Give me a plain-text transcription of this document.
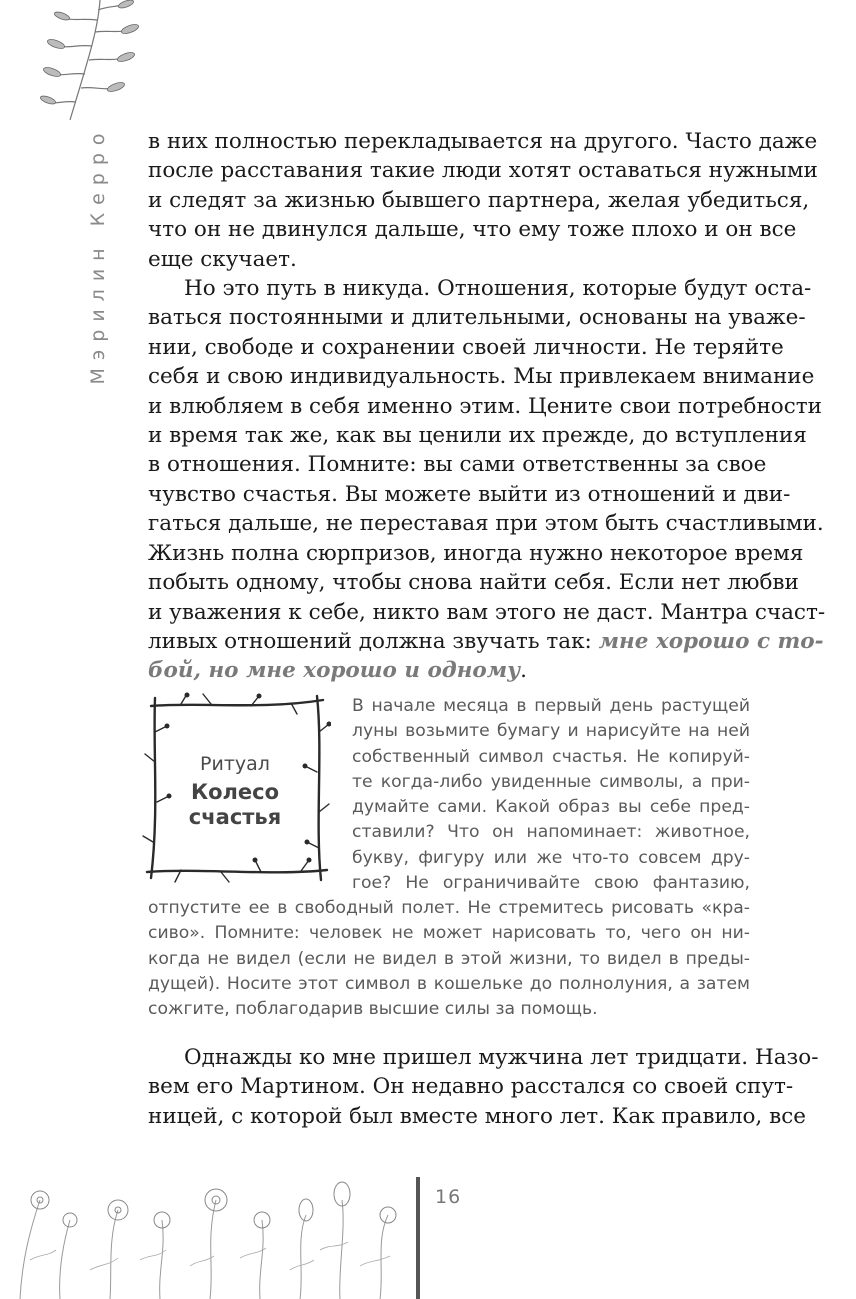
Мэрилин Керро в них полностью перекладывается на другого. Часто даже
после расставания такие люди хотят оставаться нужными
и следят за жизнью бывшего партнера, желая убедиться,
что он не двинулся дальше, что ему тоже плохо и он все
еще скучает.
Но это путь в никуда. Отношения, которые будут оста-
ваться постоянными и длительными, основаны на уваже-
нии, свободе и сохранении своей личности. Не теряйте
себя и свою индивидуальность. Мы привлекаем внимание
и влюбляем в себя именно этим. Цените свои потребности
и время так же, как вы ценили их прежде, до вступления
в отношения. Помните: вы сами ответственны за свое
чувство счастья. Вы можете выйти из отношений и дви-
гаться дальше, не переставая при этом быть счастливыми.
Жизнь полна сюрпризов, иногда нужно некоторое время
побыть одному, чтобы снова найти себя. Если нет любви
и уважения к себе, никто вам этого не даст. Мантра счаст-
ливых отношений должна звучать так: мне хорошо с то-
бой, но мне хорошо и одному.
Ритуал
Колесо
счастья
В начале месяца в первый день растущей
луны возьмите бумагу и нарисуйте на ней
собственный символ счастья. Не копируй-
те когда-либо увиденные символы, а при-
думайте сами. Какой образ вы себе пред-
ставили? Что он напоминает: животное,
букву, фигуру или же что-то совсем дру-
гое? Не ограничивайте свою фантазию,
отпустите ее в свободный полет. Не стремитесь рисовать «кра-
сиво». Помните: человек не может нарисовать то, чего он ни-
когда не видел (если не видел в этой жизни, то видел в преды-
дущей). Носите этот символ в кошельке до полнолуния, а затем
сожгите, поблагодарив высшие силы за помощь.
Однажды ко мне пришел мужчина лет тридцати. Назо-
вем его Мартином. Он недавно расстался со своей спут-
ницей, с которой был вместе много лет. Как правило, все
16
